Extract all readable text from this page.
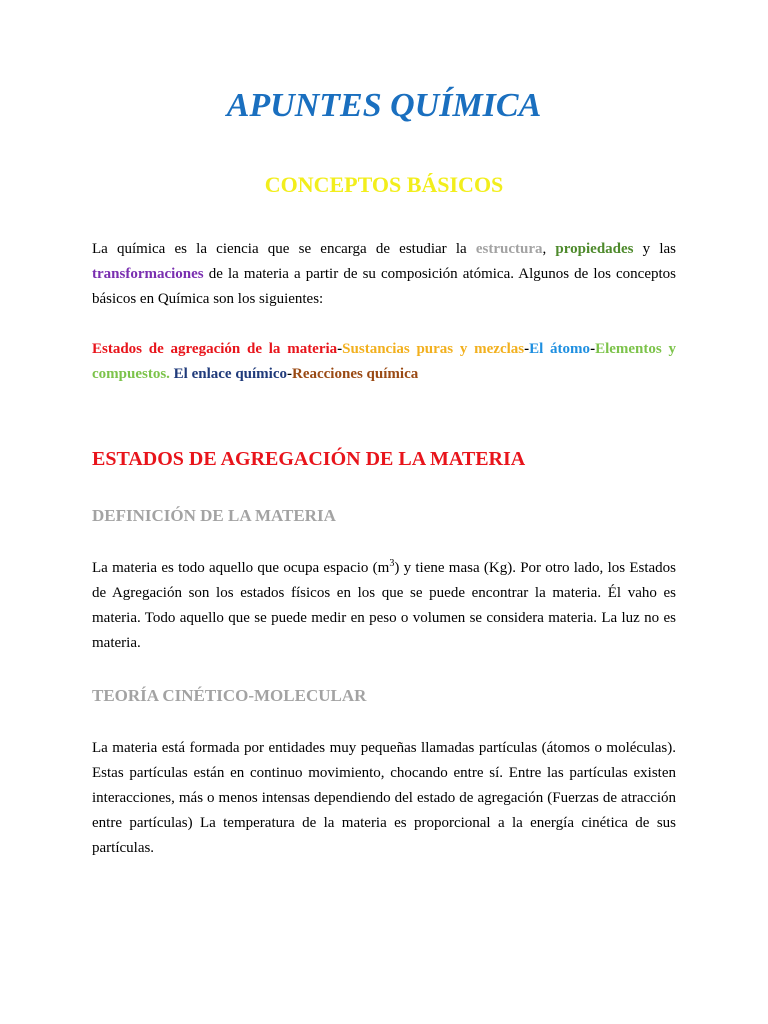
APUNTES QUÍMICA
CONCEPTOS BÁSICOS

La química es la ciencia que se encarga de estudiar la estructura, propiedades y las transformaciones de la materia a partir de su composición atómica. Algunos de los conceptos básicos en Química son los siguientes:

Estados de agregación de la materia-Sustancias puras y mezclas-El átomo-Elementos y compuestos. El enlace químico-Reacciones química

ESTADOS DE AGREGACIÓN DE LA MATERIA
DEFINICIÓN DE LA MATERIA

La materia es todo aquello que ocupa espacio $(m^3)$ y tiene masa (Kg). Por otro lado, los Estados de Agregación son los estados físicos en los que se puede encontrar la materia. Él vaho es materia. Todo aquello que se puede medir en peso o volumen se considera materia. La luz no es materia.

TEORÍA CINÉTICO-MOLECULAR

La materia está formada por entidades muy pequeñas llamadas partículas (átomos o moléculas). Estas partículas están en continuo movimiento, chocando entre sí. Entre las partículas existen interacciones, más o menos intensas dependiendo del estado de agregación (Fuerzas de atracción entre partículas) La temperatura de la materia es proporcional a la energía cinética de sus partículas.
